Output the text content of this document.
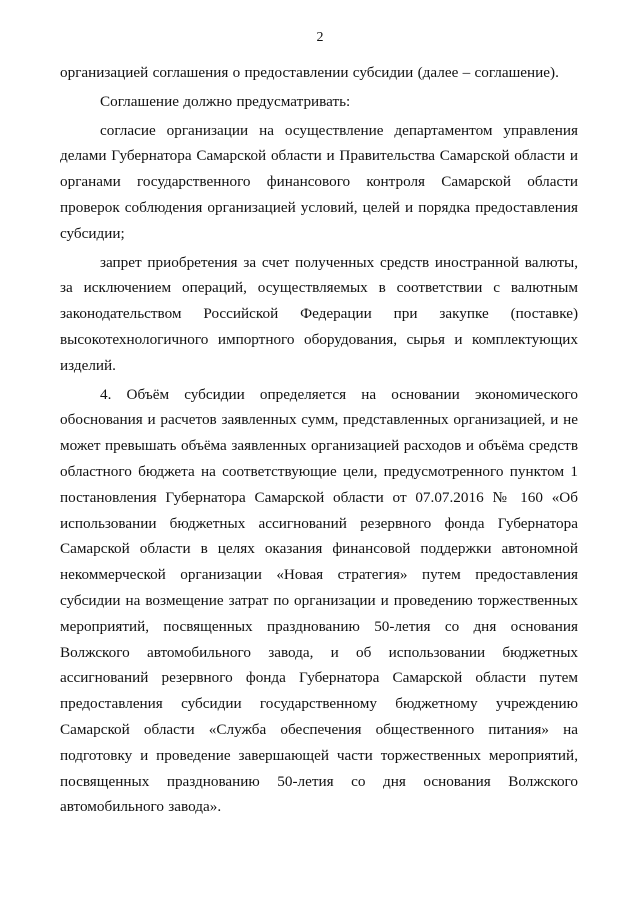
2

организацией соглашения о предоставлении субсидии (далее – соглашение).

Соглашение должно предусматривать:

согласие организации на осуществление департаментом управления делами Губернатора Самарской области и Правительства Самарской области и органами государственного финансового контроля Самарской области проверок соблюдения организацией условий, целей и порядка предоставления субсидии;

запрет приобретения за счет полученных средств иностранной валюты, за исключением операций, осуществляемых в соответствии с валютным законодательством Российской Федерации при закупке (поставке) высокотехнологичного импортного оборудования, сырья и комплектующих изделий.

4. Объём субсидии определяется на основании экономического обоснования и расчетов заявленных сумм, представленных организацией, и не может превышать объёма заявленных организацией расходов и объёма средств областного бюджета на соответствующие цели, предусмотренного пунктом 1 постановления Губернатора Самарской области от 07.07.2016 № 160 «Об использовании бюджетных ассигнований резервного фонда Губернатора Самарской области в целях оказания финансовой поддержки автономной некоммерческой организации «Новая стратегия» путем предоставления субсидии на возмещение затрат по организации и проведению торжественных мероприятий, посвященных празднованию 50-летия со дня основания Волжского автомобильного завода, и об использовании бюджетных ассигнований резервного фонда Губернатора Самарской области путем предоставления субсидии государственному бюджетному учреждению Самарской области «Служба обеспечения общественного питания» на подготовку и проведение завершающей части торжественных мероприятий, посвященных празднованию 50-летия со дня основания Волжского автомобильного завода».
